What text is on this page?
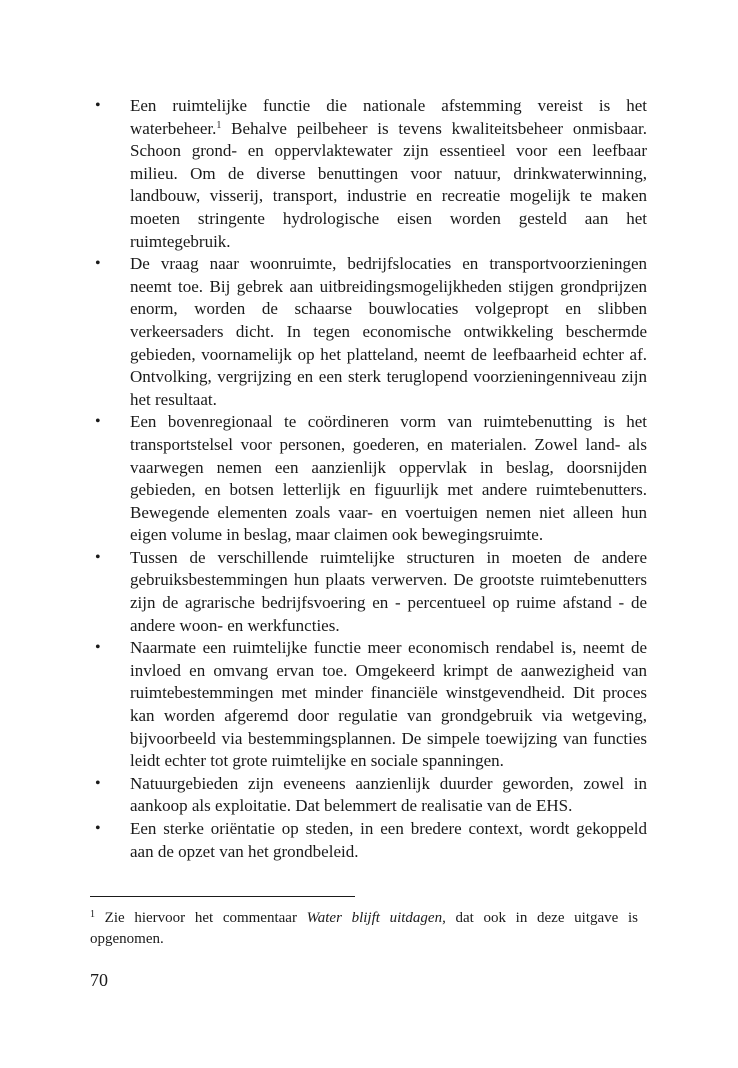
• Een ruimtelijke functie die nationale afstemming vereist is het waterbeheer.$^1$ Behalve peilbeheer is tevens kwaliteitsbeheer onmisbaar. Schoon grond- en oppervlaktewater zijn essentieel voor een leefbaar milieu. Om de diverse benuttingen voor natuur, drinkwaterwinning, landbouw, visserij, transport, industrie en recreatie mogelijk te maken moeten stringente hydrologische eisen worden gesteld aan het ruimtegebruik.
• De vraag naar woonruimte, bedrijfslocaties en transportvoorzieningen neemt toe. Bij gebrek aan uitbreidingsmogelijkheden stijgen grondprijzen enorm, worden de schaarse bouwlocaties volgepropt en slibben verkeersaders dicht. In tegen economische ontwikkeling beschermde gebieden, voornamelijk op het platteland, neemt de leefbaarheid echter af. Ontvolking, vergrijzing en een sterk teruglopend voorzieningenniveau zijn het resultaat.
• Een bovenregionaal te coördineren vorm van ruimtebenutting is het transportstelsel voor personen, goederen, en materialen. Zowel land- als vaarwegen nemen een aanzienlijk oppervlak in beslag, doorsnijden gebieden, en botsen letterlijk en figuurlijk met andere ruimtebenutters. Bewegende elementen zoals vaar- en voertuigen nemen niet alleen hun eigen volume in beslag, maar claimen ook bewegingsruimte.
• Tussen de verschillende ruimtelijke structuren in moeten de andere gebruiksbestemmingen hun plaats verwerven. De grootste ruimtebenutters zijn de agrarische bedrijfsvoering en - percentueel op ruime afstand - de andere woon- en werkfuncties.
• Naarmate een ruimtelijke functie meer economisch rendabel is, neemt de invloed en omvang ervan toe. Omgekeerd krimpt de aanwezigheid van ruimtebestemmingen met minder financiële winstgevendheid. Dit proces kan worden afgeremd door regulatie van grondgebruik via wetgeving, bijvoorbeeld via bestemmingsplannen. De simpele toewijzing van functies leidt echter tot grote ruimtelijke en sociale spanningen.
• Natuurgebieden zijn eveneens aanzienlijk duurder geworden, zowel in aankoop als exploitatie. Dat belemmert de realisatie van de EHS.
• Een sterke oriëntatie op steden, in een bredere context, wordt gekoppeld aan de opzet van het grondbeleid.
$^1$ Zie hiervoor het commentaar Water blijft uitdagen, dat ook in deze uitgave is opgenomen.
70
